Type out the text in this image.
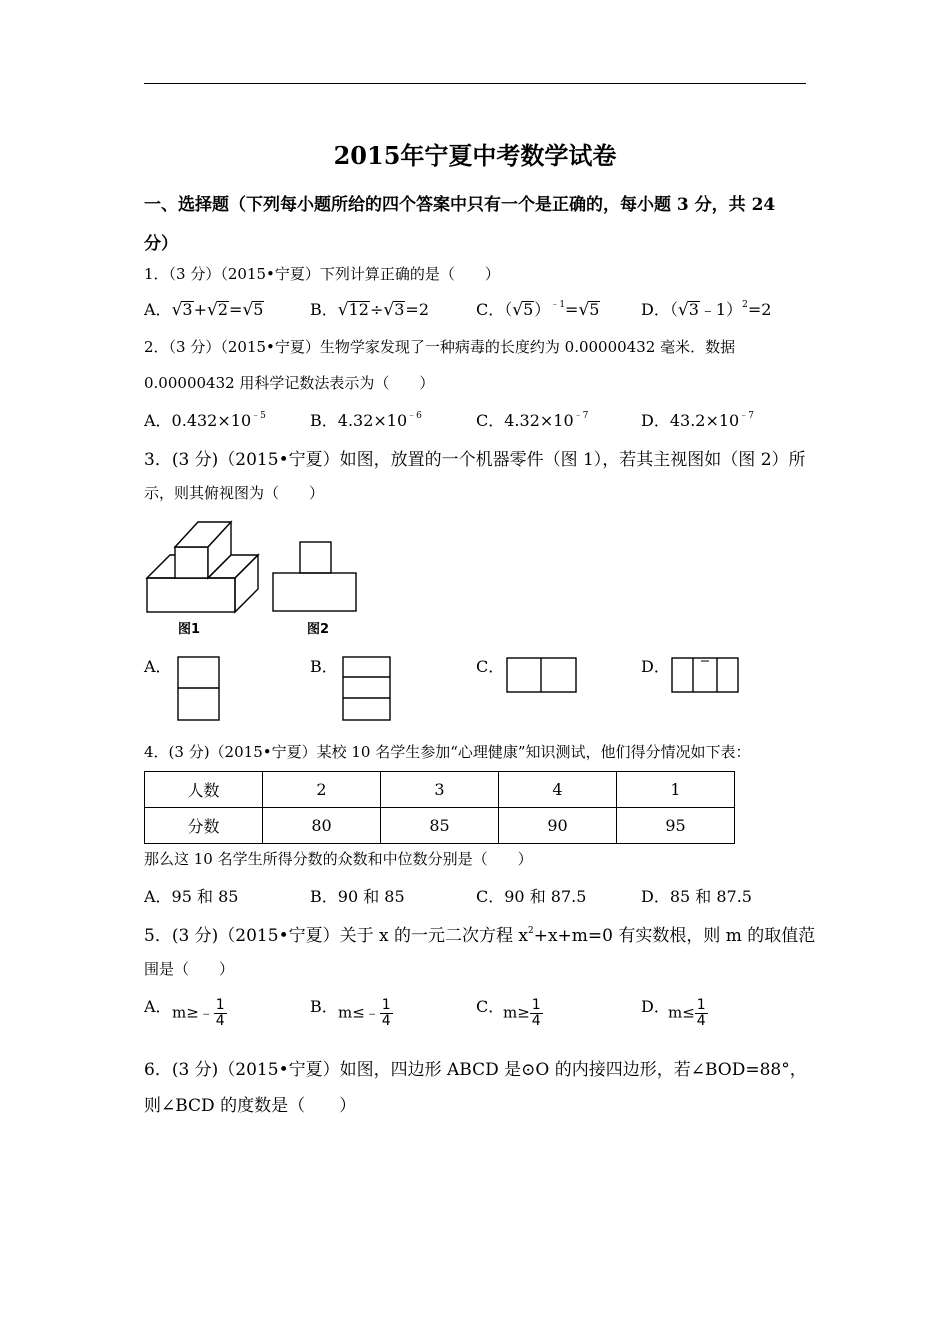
2015年宁夏中考数学试卷
一、选择题（下列每小题所给的四个答案中只有一个是正确的，每小题 3 分，共 24
分）
1．（3 分）（2015•宁夏）下列计算正确的是（　　）
A．√3+√2=√5	B．√12÷√3=2	C．$(√5)^{﹣1}=√5$	D．（√3﹣1）$^2$=2
2．（3 分）（2015•宁夏）生物学家发现了一种病毒的长度约为 0.00000432 毫米．数据
0.00000432 用科学记数法表示为（　　）
A．$0.432\times 10^{﹣5}$	B．$4.32\times 10^{﹣6}$	C．$4.32\times 10^{﹣7}$	D．$43.2\times 10^{﹣7}$
3．(3 分)（2015•宁夏）如图，放置的一个机器零件（图 1），若其主视图如（图 2）所
示，则其俯视图为（　　）
图1	图2
A．	B．	C．	D．
4．(3 分)（2015•宁夏）某校 10 名学生参加“心理健康”知识测试，他们得分情况如下表：
人数	2	3	4	1
分数	80	85	90	95
那么这 10 名学生所得分数的众数和中位数分别是（　　）
A．95 和 85	B．90 和 85	C．90 和 87.5	D．85 和 87.5
5．(3 分)（2015•宁夏）关于 x 的一元二次方程 $x^2+x+m=0$ 有实数根，则 m 的取值范
围是（　　）
A． m≥﹣ $\frac{1}{4}$	B． m≤﹣ $\frac{1}{4}$	C．
$m\ge \frac{1}{4}$	D．
$m\le \frac{1}{4}$
6．(3 分)（2015•宁夏）如图，四边形 ABCD 是⊙O 的内接四边形，若∠BOD=88°，
则∠BCD 的度数是（　　）
